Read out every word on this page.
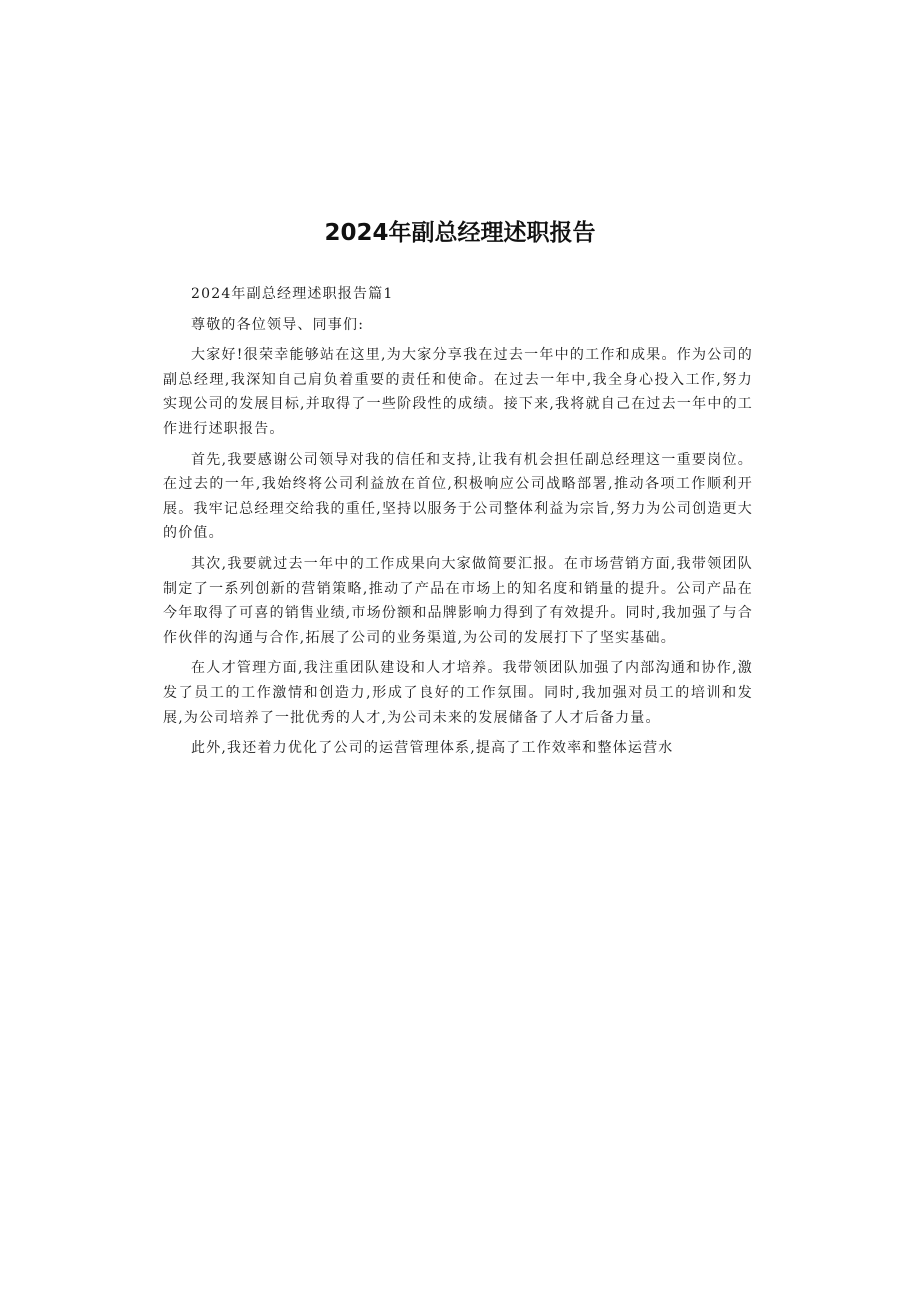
2024年副总经理述职报告

2024年副总经理述职报告篇1

尊敬的各位领导、同事们:

大家好!很荣幸能够站在这里,为大家分享我在过去一年中的工作和成果。作为公司的副总经理,我深知自己肩负着重要的责任和使命。在过去一年中,我全身心投入工作,努力实现公司的发展目标,并取得了一些阶段性的成绩。接下来,我将就自己在过去一年中的工作进行述职报告。

首先,我要感谢公司领导对我的信任和支持,让我有机会担任副总经理这一重要岗位。在过去的一年,我始终将公司利益放在首位,积极响应公司战略部署,推动各项工作顺利开展。我牢记总经理交给我的重任,坚持以服务于公司整体利益为宗旨,努力为公司创造更大的价值。

其次,我要就过去一年中的工作成果向大家做简要汇报。在市场营销方面,我带领团队制定了一系列创新的营销策略,推动了产品在市场上的知名度和销量的提升。公司产品在今年取得了可喜的销售业绩,市场份额和品牌影响力得到了有效提升。同时,我加强了与合作伙伴的沟通与合作,拓展了公司的业务渠道,为公司的发展打下了坚实基础。

在人才管理方面,我注重团队建设和人才培养。我带领团队加强了内部沟通和协作,激发了员工的工作激情和创造力,形成了良好的工作氛围。同时,我加强对员工的培训和发展,为公司培养了一批优秀的人才,为公司未来的发展储备了人才后备力量。

此外,我还着力优化了公司的运营管理体系,提高了工作效率和整体运营水
